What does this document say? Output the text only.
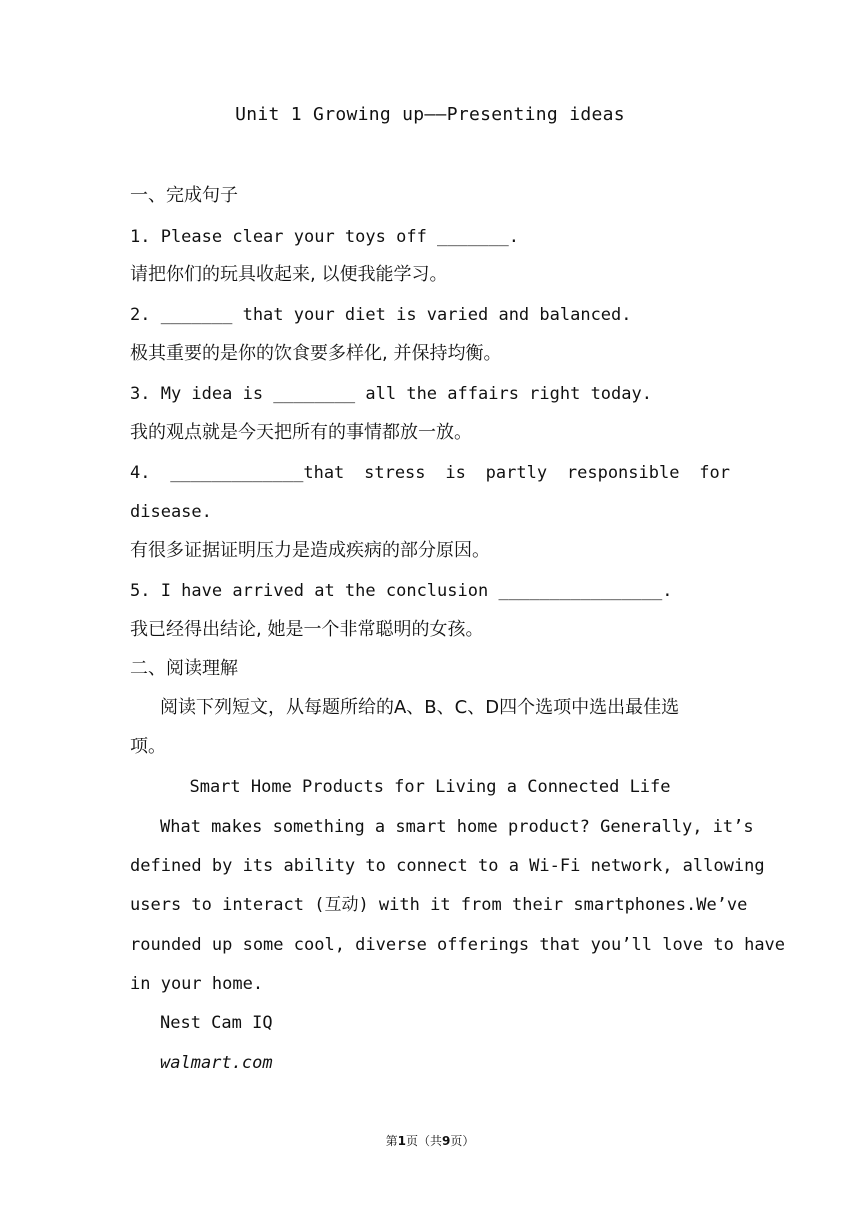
Unit 1 Growing up——Presenting ideas
一、完成句子
1. Please clear your toys off _______.
请把你们的玩具收起来, 以便我能学习。
2. _______ that your diet is varied and balanced.
极其重要的是你的饮食要多样化, 并保持均衡。
3. My idea is ________ all the affairs right today.
我的观点就是今天把所有的事情都放一放。
4. _____________that stress is partly responsible for
disease.
有很多证据证明压力是造成疾病的部分原因。
5. I have arrived at the conclusion ________________.
我已经得出结论, 她是一个非常聪明的女孩。
二、阅读理解
阅读下列短文，从每题所给的A、B、C、D四个选项中选出最佳选
项。
Smart Home Products for Living a Connected Life
What makes something a smart home product? Generally, it’s
defined by its ability to connect to a Wi-Fi network, allowing
users to interact (互动) with it from their smartphones.We’ve
rounded up some cool, diverse offerings that you’ll love to have
in your home.
Nest Cam IQ
walmart.com
第1页（共9页）
